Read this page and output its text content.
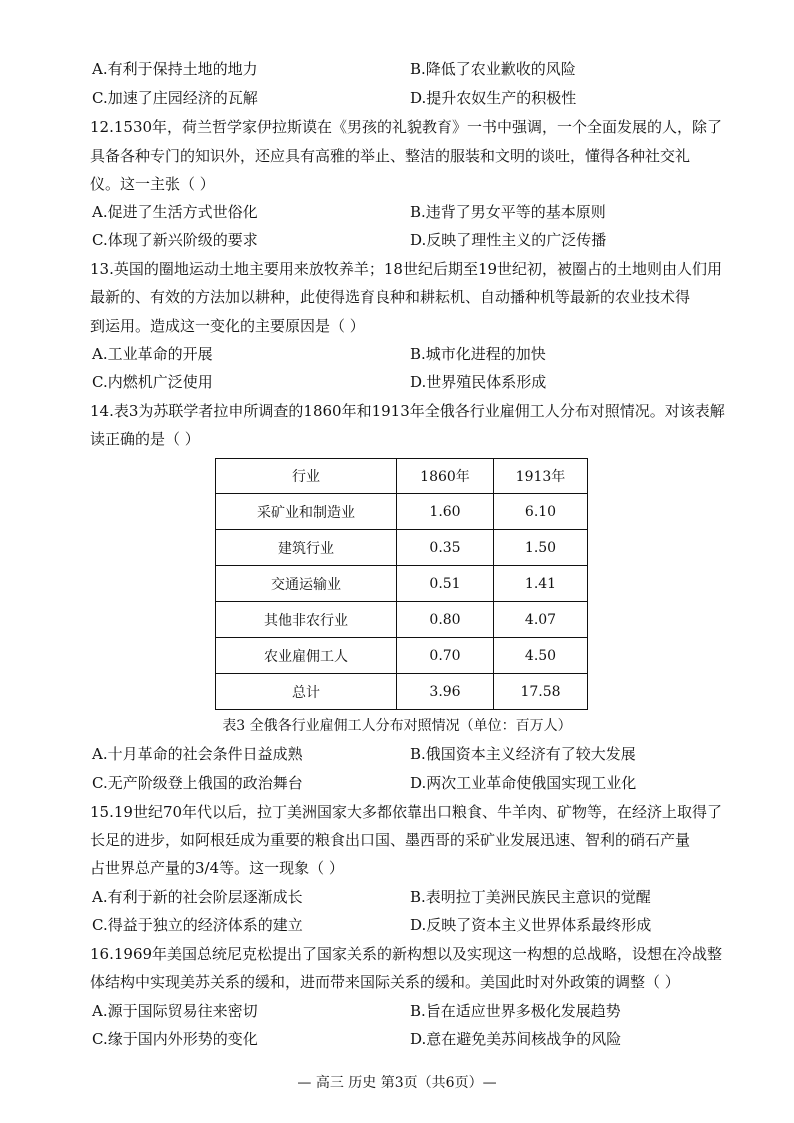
A.有利于保持土地的地力	B.降低了农业歉收的风险
C.加速了庄园经济的瓦解	D.提升农奴生产的积极性
12.1530年，荷兰哲学家伊拉斯谟在《男孩的礼貌教育》一书中强调，一个全面发展的人，除了
具备各种专门的知识外，还应具有高雅的举止、整洁的服装和文明的谈吐，懂得各种社交礼
仪。这一主张（ ）
A.促进了生活方式世俗化	B.违背了男女平等的基本原则
C.体现了新兴阶级的要求	D.反映了理性主义的广泛传播
13.英国的圈地运动土地主要用来放牧养羊；18世纪后期至19世纪初，被圈占的土地则由人们用
最新的、有效的方法加以耕种，此使得选育良种和耕耘机、自动播种机等最新的农业技术得
到运用。造成这一变化的主要原因是（ ）
A.工业革命的开展	B.城市化进程的加快
C.内燃机广泛使用	D.世界殖民体系形成
14.表3为苏联学者拉申所调查的1860年和1913年全俄各行业雇佣工人分布对照情况。对该表解
读正确的是（ ）
行业	1860年	1913年
采矿业和制造业	1.60	6.10
建筑行业	0.35	1.50
交通运输业	0.51	1.41
其他非农行业	0.80	4.07
农业雇佣工人	0.70	4.50
总计	3.96	17.58
表3 全俄各行业雇佣工人分布对照情况（单位：百万人）
A.十月革命的社会条件日益成熟	B.俄国资本主义经济有了较大发展
C.无产阶级登上俄国的政治舞台	D.两次工业革命使俄国实现工业化
15.19世纪70年代以后，拉丁美洲国家大多都依靠出口粮食、牛羊肉、矿物等，在经济上取得了
长足的进步，如阿根廷成为重要的粮食出口国、墨西哥的采矿业发展迅速、智利的硝石产量
占世界总产量的3/4等。这一现象（ ）
A.有利于新的社会阶层逐渐成长	B.表明拉丁美洲民族民主意识的觉醒
C.得益于独立的经济体系的建立	D.反映了资本主义世界体系最终形成
16.1969年美国总统尼克松提出了国家关系的新构想以及实现这一构想的总战略，设想在冷战整
体结构中实现美苏关系的缓和，进而带来国际关系的缓和。美国此时对外政策的调整（ ）
A.源于国际贸易往来密切	B.旨在适应世界多极化发展趋势
C.缘于国内外形势的变化	D.意在避免美苏间核战争的风险
— 高三 历史 第3页（共6页）—
